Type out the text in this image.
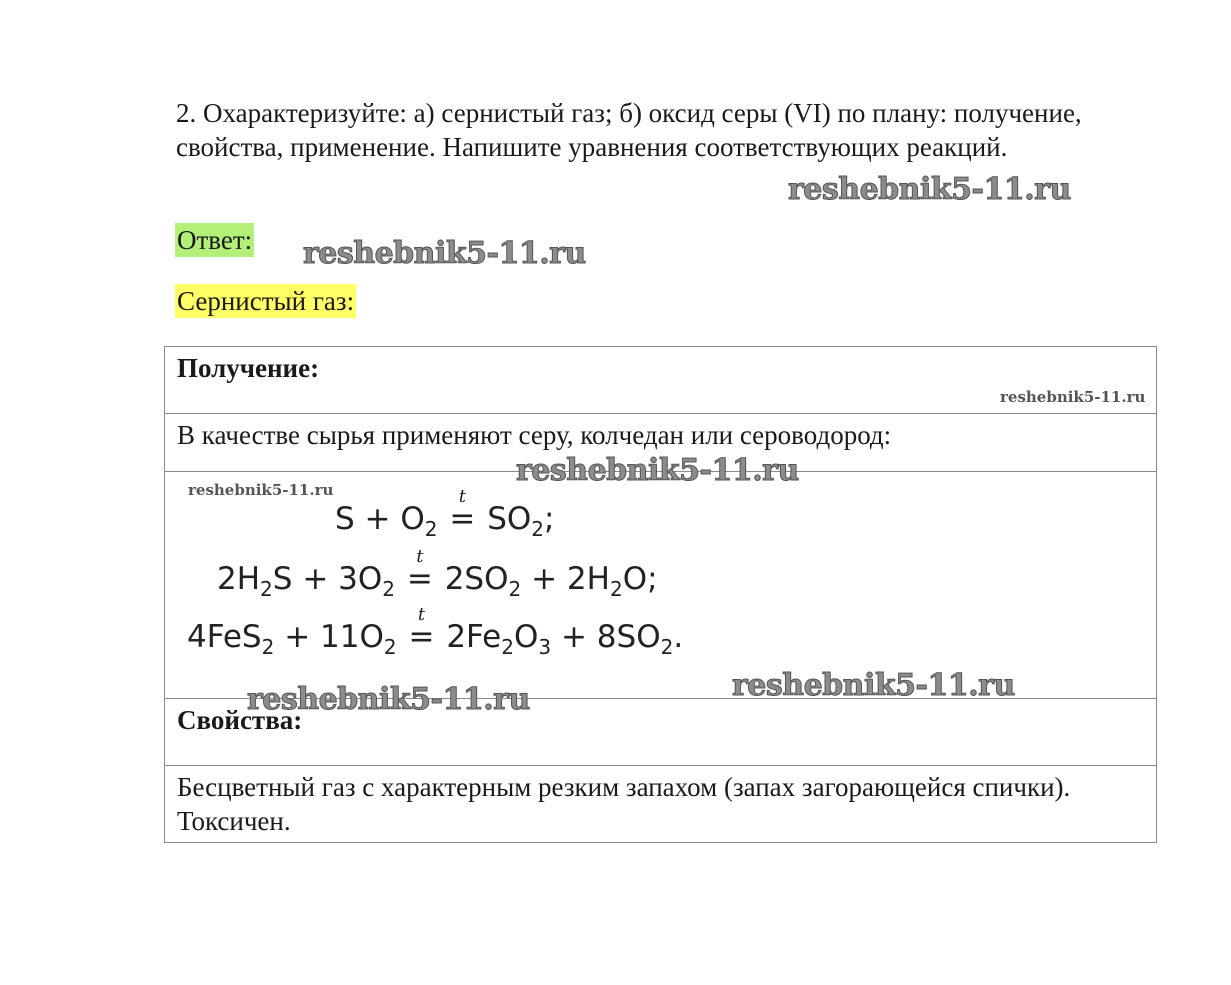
2. Охарактеризуйте: а) сернистый газ; б) оксид серы (VI) по плану: получение, свойства, применение. Напишите уравнения соответствующих реакций.
Ответ:
Сернистый газ:
Получение:
В качестве сырья применяют серу, колчедан или сероводород:

$S + O_2$
t
= $SO_2$;
$2H_2S + 3O_2$
t
= $2SO_2 + 2H_2O$;
$4FeS_2 + 11O_2$
t
= $2Fe_2O_3 + 8SO_2$.

Свойства:
Бесцветный газ с характерным резким запахом (запах загорающейся спички). Токсичен.
reshebnik5-11.ru
reshebnik5-11.ru
reshebnik5-11.ru
reshebnik5-11.ru
reshebnik5-11.ru
reshebnik5-11.ru
reshebnik5-11.ru
